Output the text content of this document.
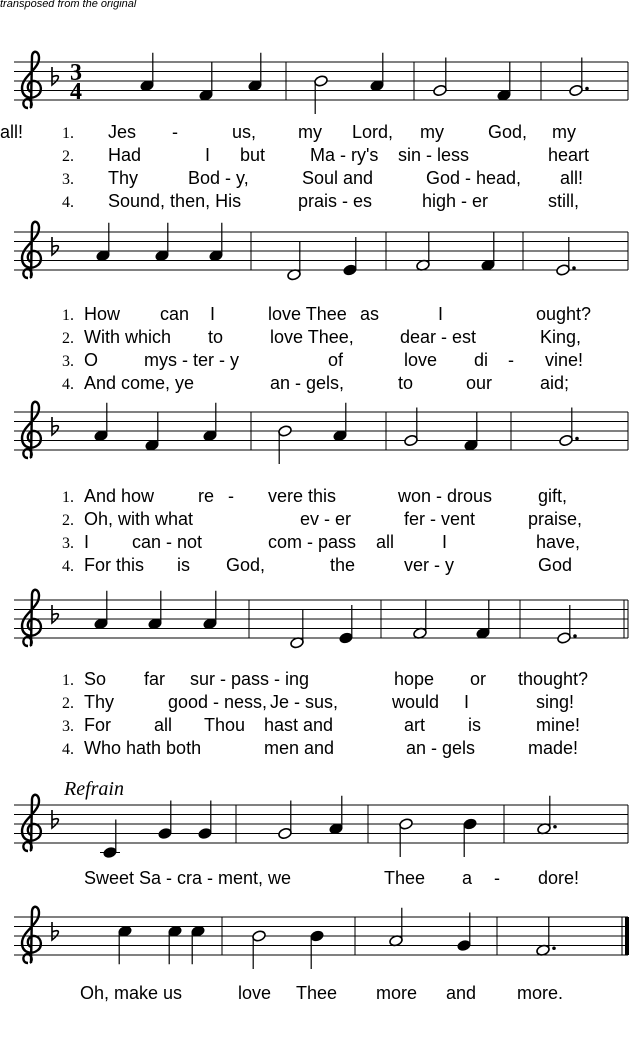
transposed from the original
3
4
1. Jes -	us, my Lord, my God, my
all!
2. Had	I but Ma - ry's sin - less	heart
3. Thy	Bod - y,	Soul and	God - head, all!
4. Sound, then, His	prais - es	high - er	still,
1. How can I	love Thee as	I	ought?
2. With which to	love Thee,	dear - est	King,
3. O	mys - ter - y	of	love di - vine!
4. And come, ye	an - gels,	to	our	aid;
1. And how re - vere this	won - drous	gift,
2. Oh, with what	ev - er	fer - vent	praise,
3. I can - not	com - pass all	I	have,
4. For this is God,	the	ver - y	God
1. So far sur - pass - ing	hope or thought?
2. Thy	good - ness, Je - sus,	would I	sing!
3. For all Thou hast and	art is	mine!
4. Who hath both	men and	an - gels	made!
Refrain
Sweet Sa - cra - ment, we	Thee a - dore!
Oh, make us	love Thee more and more.
